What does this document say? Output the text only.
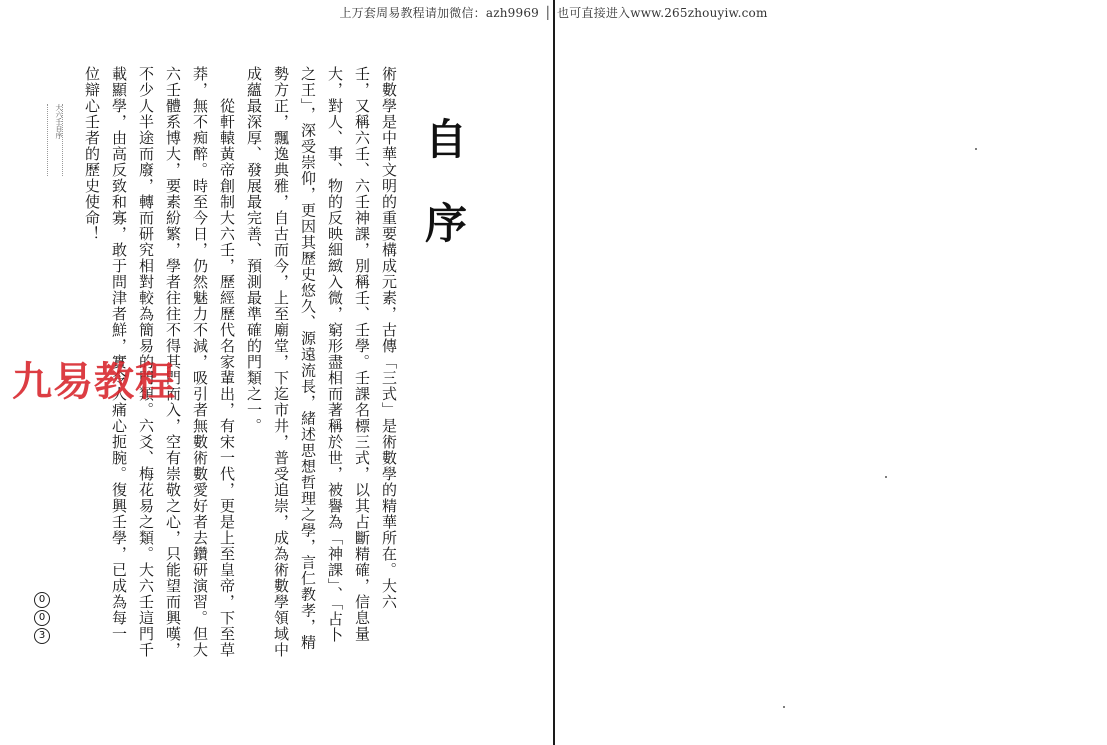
上万套周易教程请加微信：azh9969 │ 也可直接进入www.265zhouyiw.com
自
序
術數學是中華文明的重要構成元素，古傳「三式」是術數學的精華所在。大六
壬，又稱六壬、六壬神課，別稱壬、壬學。壬課名標三式，以其占斷精確，信息量
大，對人、事、物的反映細緻入微，窮形盡相而著稱於世，被譽為「神課」、「占卜
之王」，深受崇仰，更因其歷史悠久、源遠流長，緒述思想哲理之學，言仁教孝，精
勢方正，飄逸典雅，自古而今，上至廟堂，下迄市井，普受追崇，成為術數學領域中
成蘊最深厚、發展最完善、預測最準確的門類之一。
從軒轅黃帝創制大六壬，歷經歷代名家輩出，有宋一代，更是上至皇帝，下至草
莽，無不痴醉。時至今日，仍然魅力不減，吸引者無數術數愛好者去鑽研演習。但大
六壬體系博大，要素紛繁，學者往往不得其門而入，空有崇敬之心，只能望而興嘆，
不少人半途而廢，轉而研究相對較為簡易的門類。六爻、梅花易之類。大六壬這門千
載顯學，由高反致和寡，敢于問津者鮮，實令人痛心扼腕。復興壬學，已成為每一
位辯心壬者的歷史使命！
大六壬自序
0
0
3
九易教程
